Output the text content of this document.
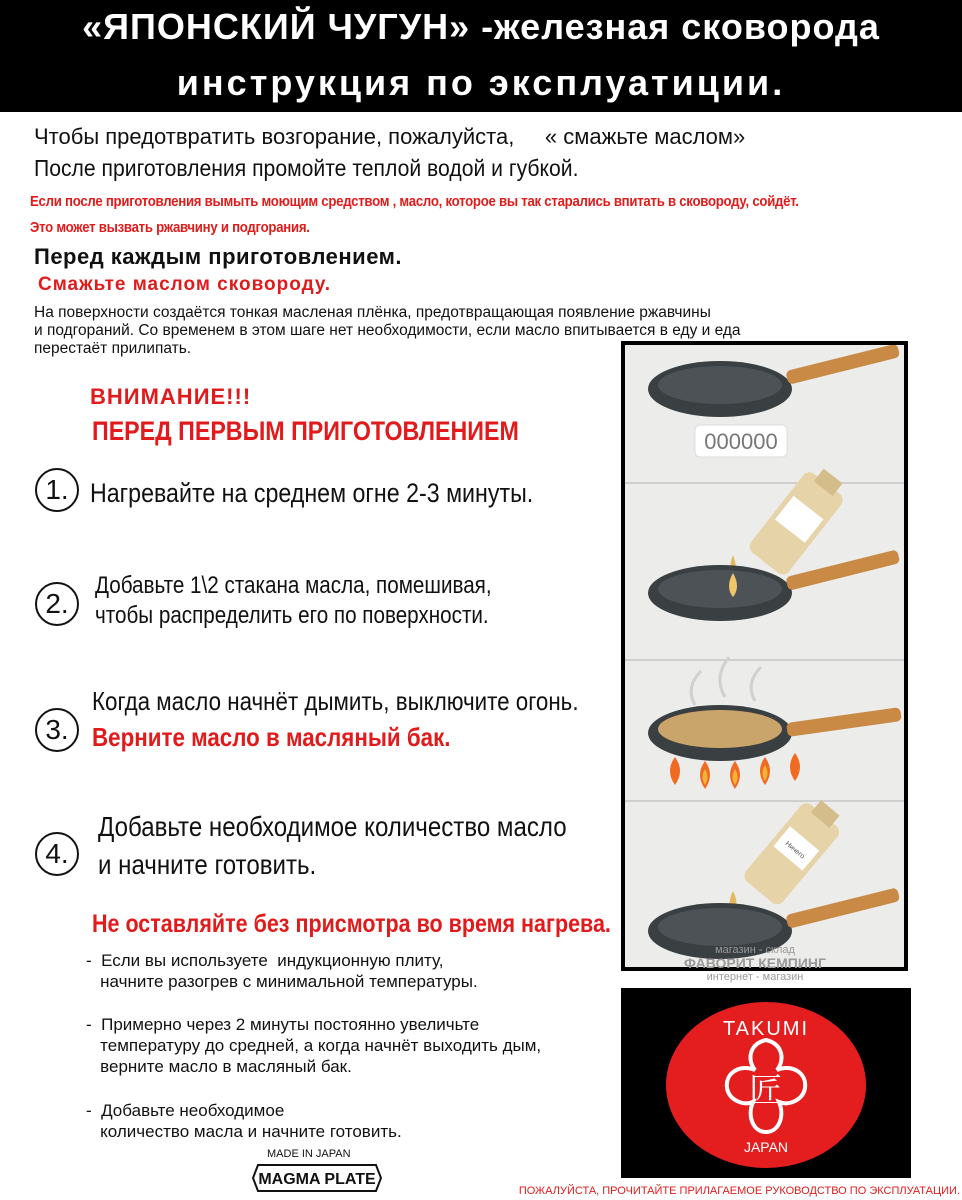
«ЯПОНСКИЙ ЧУГУН» -железная сковорода
инструкция по эксплуатиции.
Чтобы предотвратить возгорание, пожалуйста,     « смажьте маслом»
После приготовления промойте теплой водой и губкой.
Если после приготовления вымыть моющим средством , масло, которое вы так старались впитать в сковороду, сойдёт.
Это может вызвать ржавчину и подгорания.
Перед каждым приготовлением.
Смажьте маслом сковороду.
На поверхности создаётся тонкая масленая плёнка, предотвращающая появление ржавчины
и подгораний. Со временем в этом шаге нет необходимости, если масло впитывается в еду и еда
перестаёт прилипать.
ВНИМАНИЕ!!!
ПЕРЕД ПЕРВЫМ ПРИГОТОВЛЕНИЕМ
1. Нагревайте на среднем огне 2-3 минуты.
2.
Добавьте 1\2 стакана масла, помешивая,
чтобы распределить его по поверхности.
3.
Когда масло начнёт дымить, выключите огонь.
Верните масло в масляный бак.
4.
Добавьте необходимое количество масло
и начните готовить.
Не оставляйте без присмотра во время нагрева.
-  Если вы используете  индукционную плиту,
начните разогрев с минимальной температуры.
-  Примерно через 2 минуты постоянно увеличьте
температуру до средней, а когда начнёт выходить дым,
верните масло в масляный бак.
-  Добавьте необходимое
количество масла и начните готовить.
MADE IN JAPAN
MAGMA PLATE
000000
Ничего
магазин - склад
ФАВОРИТ КЕМПИНГ
интернет - магазин
TAKUMI
匠
JAPAN
ПОЖАЛУЙСТА, ПРОЧИТАЙТЕ ПРИЛАГАЕМОЕ РУКОВОДСТВО ПО ЭКСПЛУАТАЦИИ.
